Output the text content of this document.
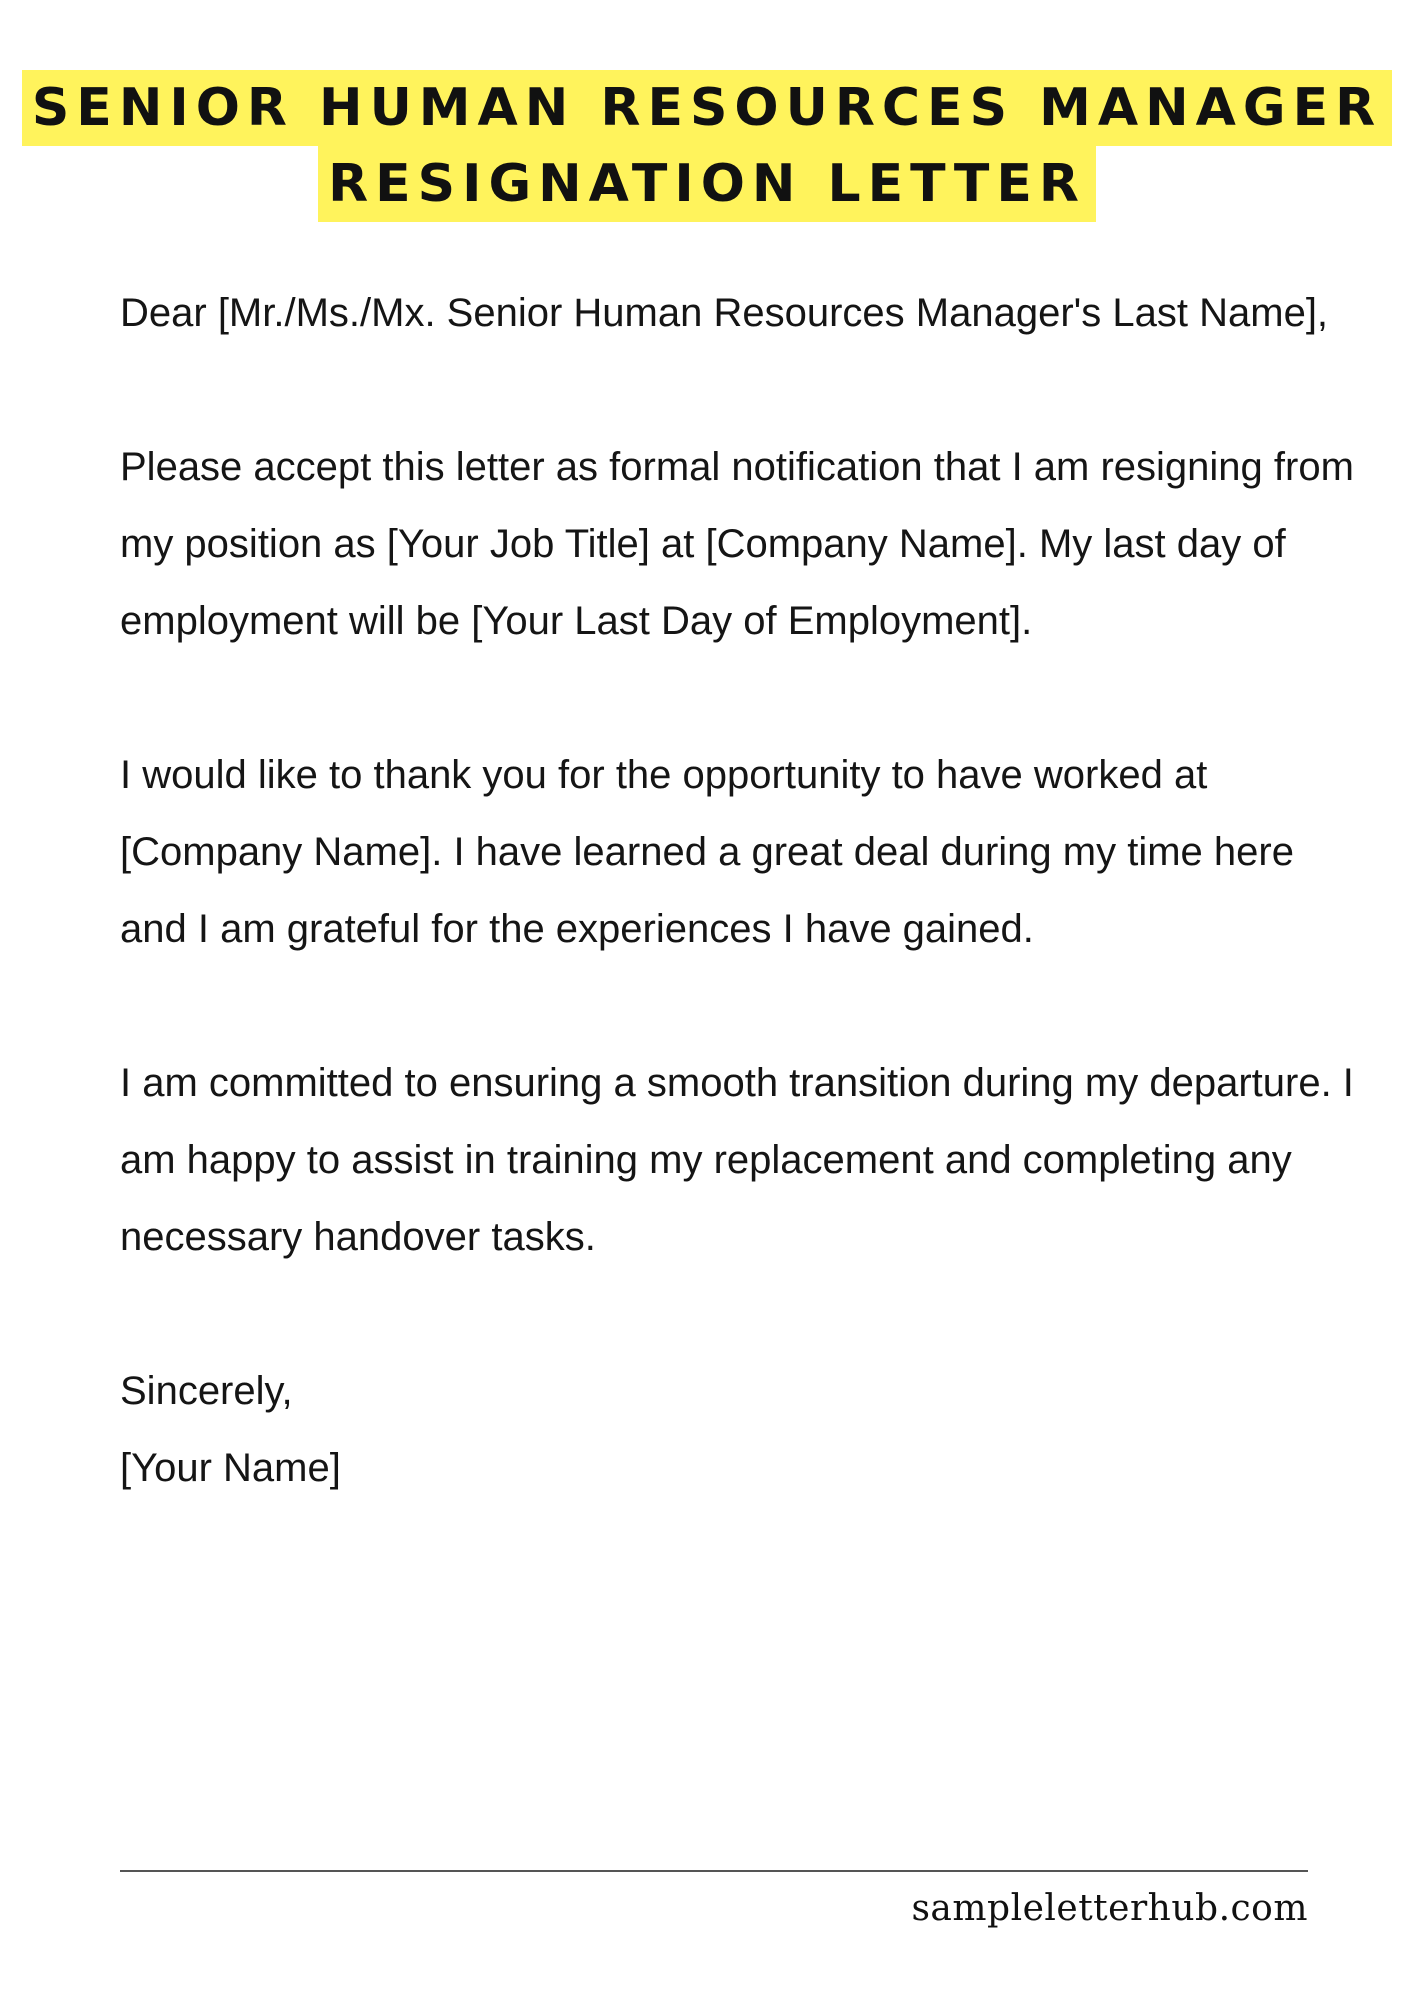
SENIOR HUMAN RESOURCES MANAGER
RESIGNATION LETTER

Dear [Mr./Ms./Mx. Senior Human Resources Manager's Last Name],

Please accept this letter as formal notification that I am resigning from my position as [Your Job Title] at [Company Name]. My last day of employment will be [Your Last Day of Employment].

I would like to thank you for the opportunity to have worked at [Company Name]. I have learned a great deal during my time here and I am grateful for the experiences I have gained.

I am committed to ensuring a smooth transition during my departure. I am happy to assist in training my replacement and completing any necessary handover tasks.

Sincerely,

[Your Name]

sampleletterhub.com
